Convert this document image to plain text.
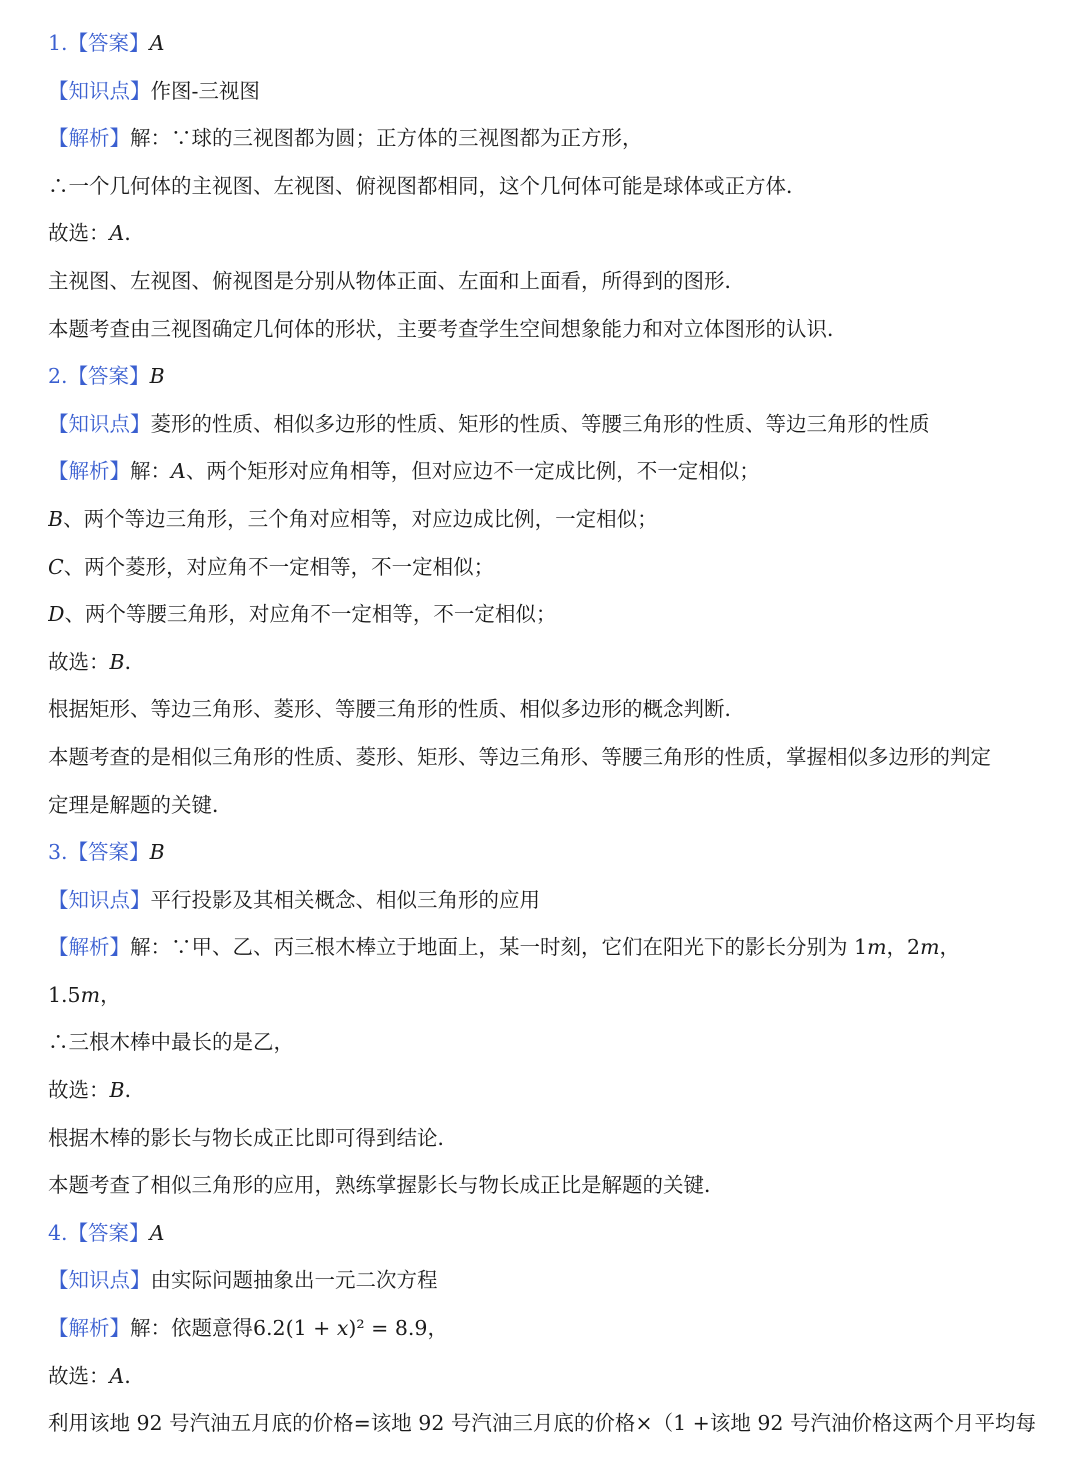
1.【答案】A
【知识点】作图-三视图
【解析】解：∵球的三视图都为圆；正方体的三视图都为正方形，
∴一个几何体的主视图、左视图、俯视图都相同，这个几何体可能是球体或正方体．
故选：A．
主视图、左视图、俯视图是分别从物体正面、左面和上面看，所得到的图形．
本题考查由三视图确定几何体的形状，主要考查学生空间想象能力和对立体图形的认识．
2.【答案】B
【知识点】菱形的性质、相似多边形的性质、矩形的性质、等腰三角形的性质、等边三角形的性质
【解析】解：A、两个矩形对应角相等，但对应边不一定成比例，不一定相似；
B、两个等边三角形，三个角对应相等，对应边成比例，一定相似；
C、两个菱形，对应角不一定相等，不一定相似；
D、两个等腰三角形，对应角不一定相等，不一定相似；
故选：B．
根据矩形、等边三角形、菱形、等腰三角形的性质、相似多边形的概念判断．
本题考查的是相似三角形的性质、菱形、矩形、等边三角形、等腰三角形的性质，掌握相似多边形的判定
定理是解题的关键．
3.【答案】B
【知识点】平行投影及其相关概念、相似三角形的应用
【解析】解：∵甲、乙、丙三根木棒立于地面上，某一时刻，它们在阳光下的影长分别为 1m，2m，
1.5m，
∴三根木棒中最长的是乙，
故选：B．
根据木棒的影长与物长成正比即可得到结论．
本题考查了相似三角形的应用，熟练掌握影长与物长成正比是解题的关键．
4.【答案】A
【知识点】由实际问题抽象出一元二次方程
【解析】解：依题意得6.2(1 + x)² = 8.9，
故选：A．
利用该地 92 号汽油五月底的价格=该地 92 号汽油三月底的价格×（1 +该地 92 号汽油价格这两个月平均每
